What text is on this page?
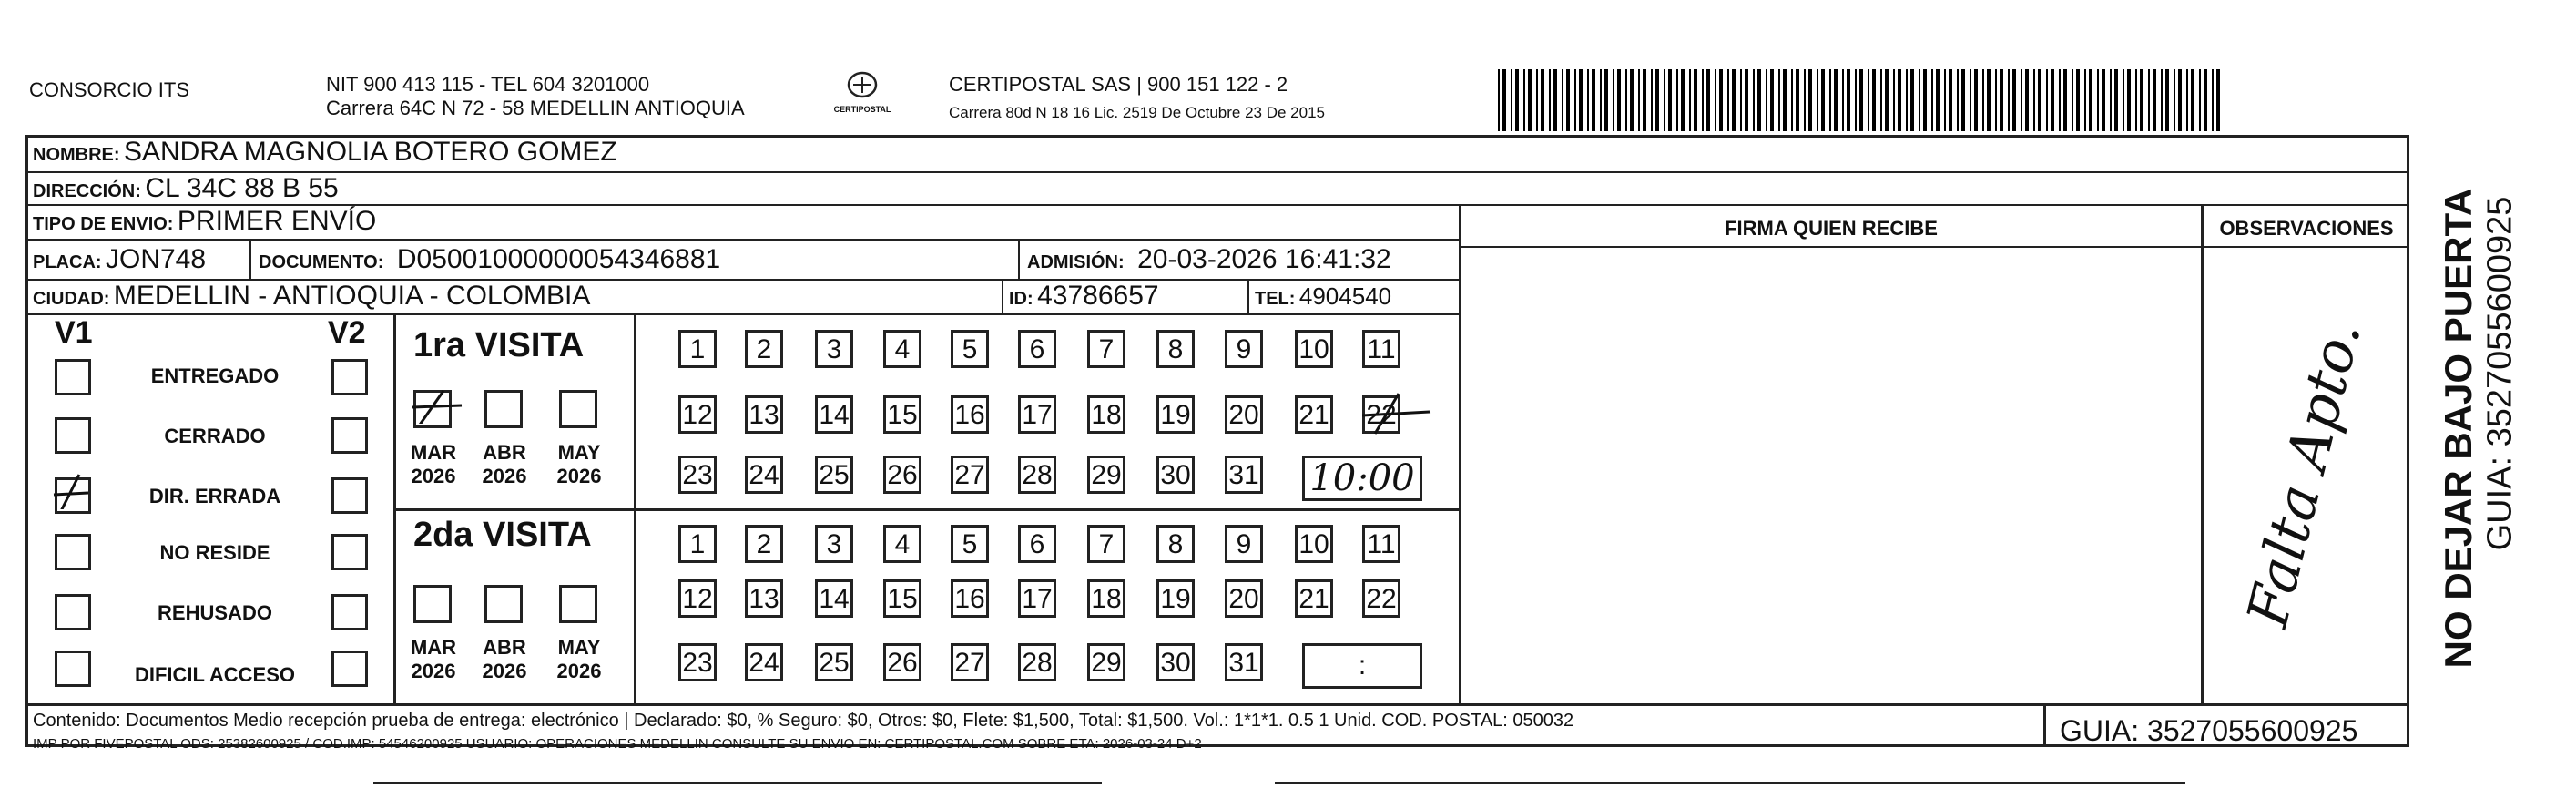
CONSORCIO ITS	NIT 900 413 115 - TEL 604 3201000
Carrera 64C N 72 - 58 MEDELLIN ANTIOQUIA	CERTIPOSTAL
CERTIPOSTAL SAS | 900 151 122 - 2
Carrera 80d N 18 16 Lic. 2519 De Octubre 23 De 2015
NOMBRE: SANDRA MAGNOLIA BOTERO GOMEZ
DIRECCIÓN: CL 34C 88 B 55
TIPO DE ENVIO: PRIMER ENVÍO
PLACA: JON748	DOCUMENTO: D05001000000054346881	ADMISIÓN: 20-03-2026 16:41:32
CIUDAD: MEDELLIN - ANTIOQUIA - COLOMBIA	ID: 43786657	TEL: 4904540
V1	V2
ENTREGADO
CERRADO
DIR. ERRADA
NO RESIDE
REHUSADO
DIFICIL ACCESO
1ra VISITA
MAR
2026
ABR
2026
MAY
2026
2da VISITA
MAR
2026
ABR
2026
MAY
2026
1	2	3	4	5	6	7	8	9	10 11
12 13 14 15 16 17 18 19 20 21 22
23 24 25 26 27 28 29 30 31
1	2	3	4	5	6	7	8	9	10 11
12 13 14 15 16 17 18 19 20 21 22
23 24 25 26 27 28 29 30 31
10:00
:
FIRMA QUIEN RECIBE	OBSERVACIONES
Falta Apto. NO DEJAR BAJO PUERTA GUIA: 3527055600925
Contenido: Documentos Medio recepción prueba de entrega: electrónico | Declarado: $0, % Seguro: $0, Otros: $0, Flete: $1,500, Total: $1,500. Vol.: 1*1*1. 0.5 1 Unid. COD. POSTAL: 050032
IMP POR FIVEPOSTAL ODS: 25382600925 / COD.IMP: 54546200925 USUARIO: OPERACIONES MEDELLIN CONSULTE SU ENVIO EN: CERTIPOSTAL.COM SOBRE ETA: 2026-03-24 D+2	GUIA: 3527055600925
